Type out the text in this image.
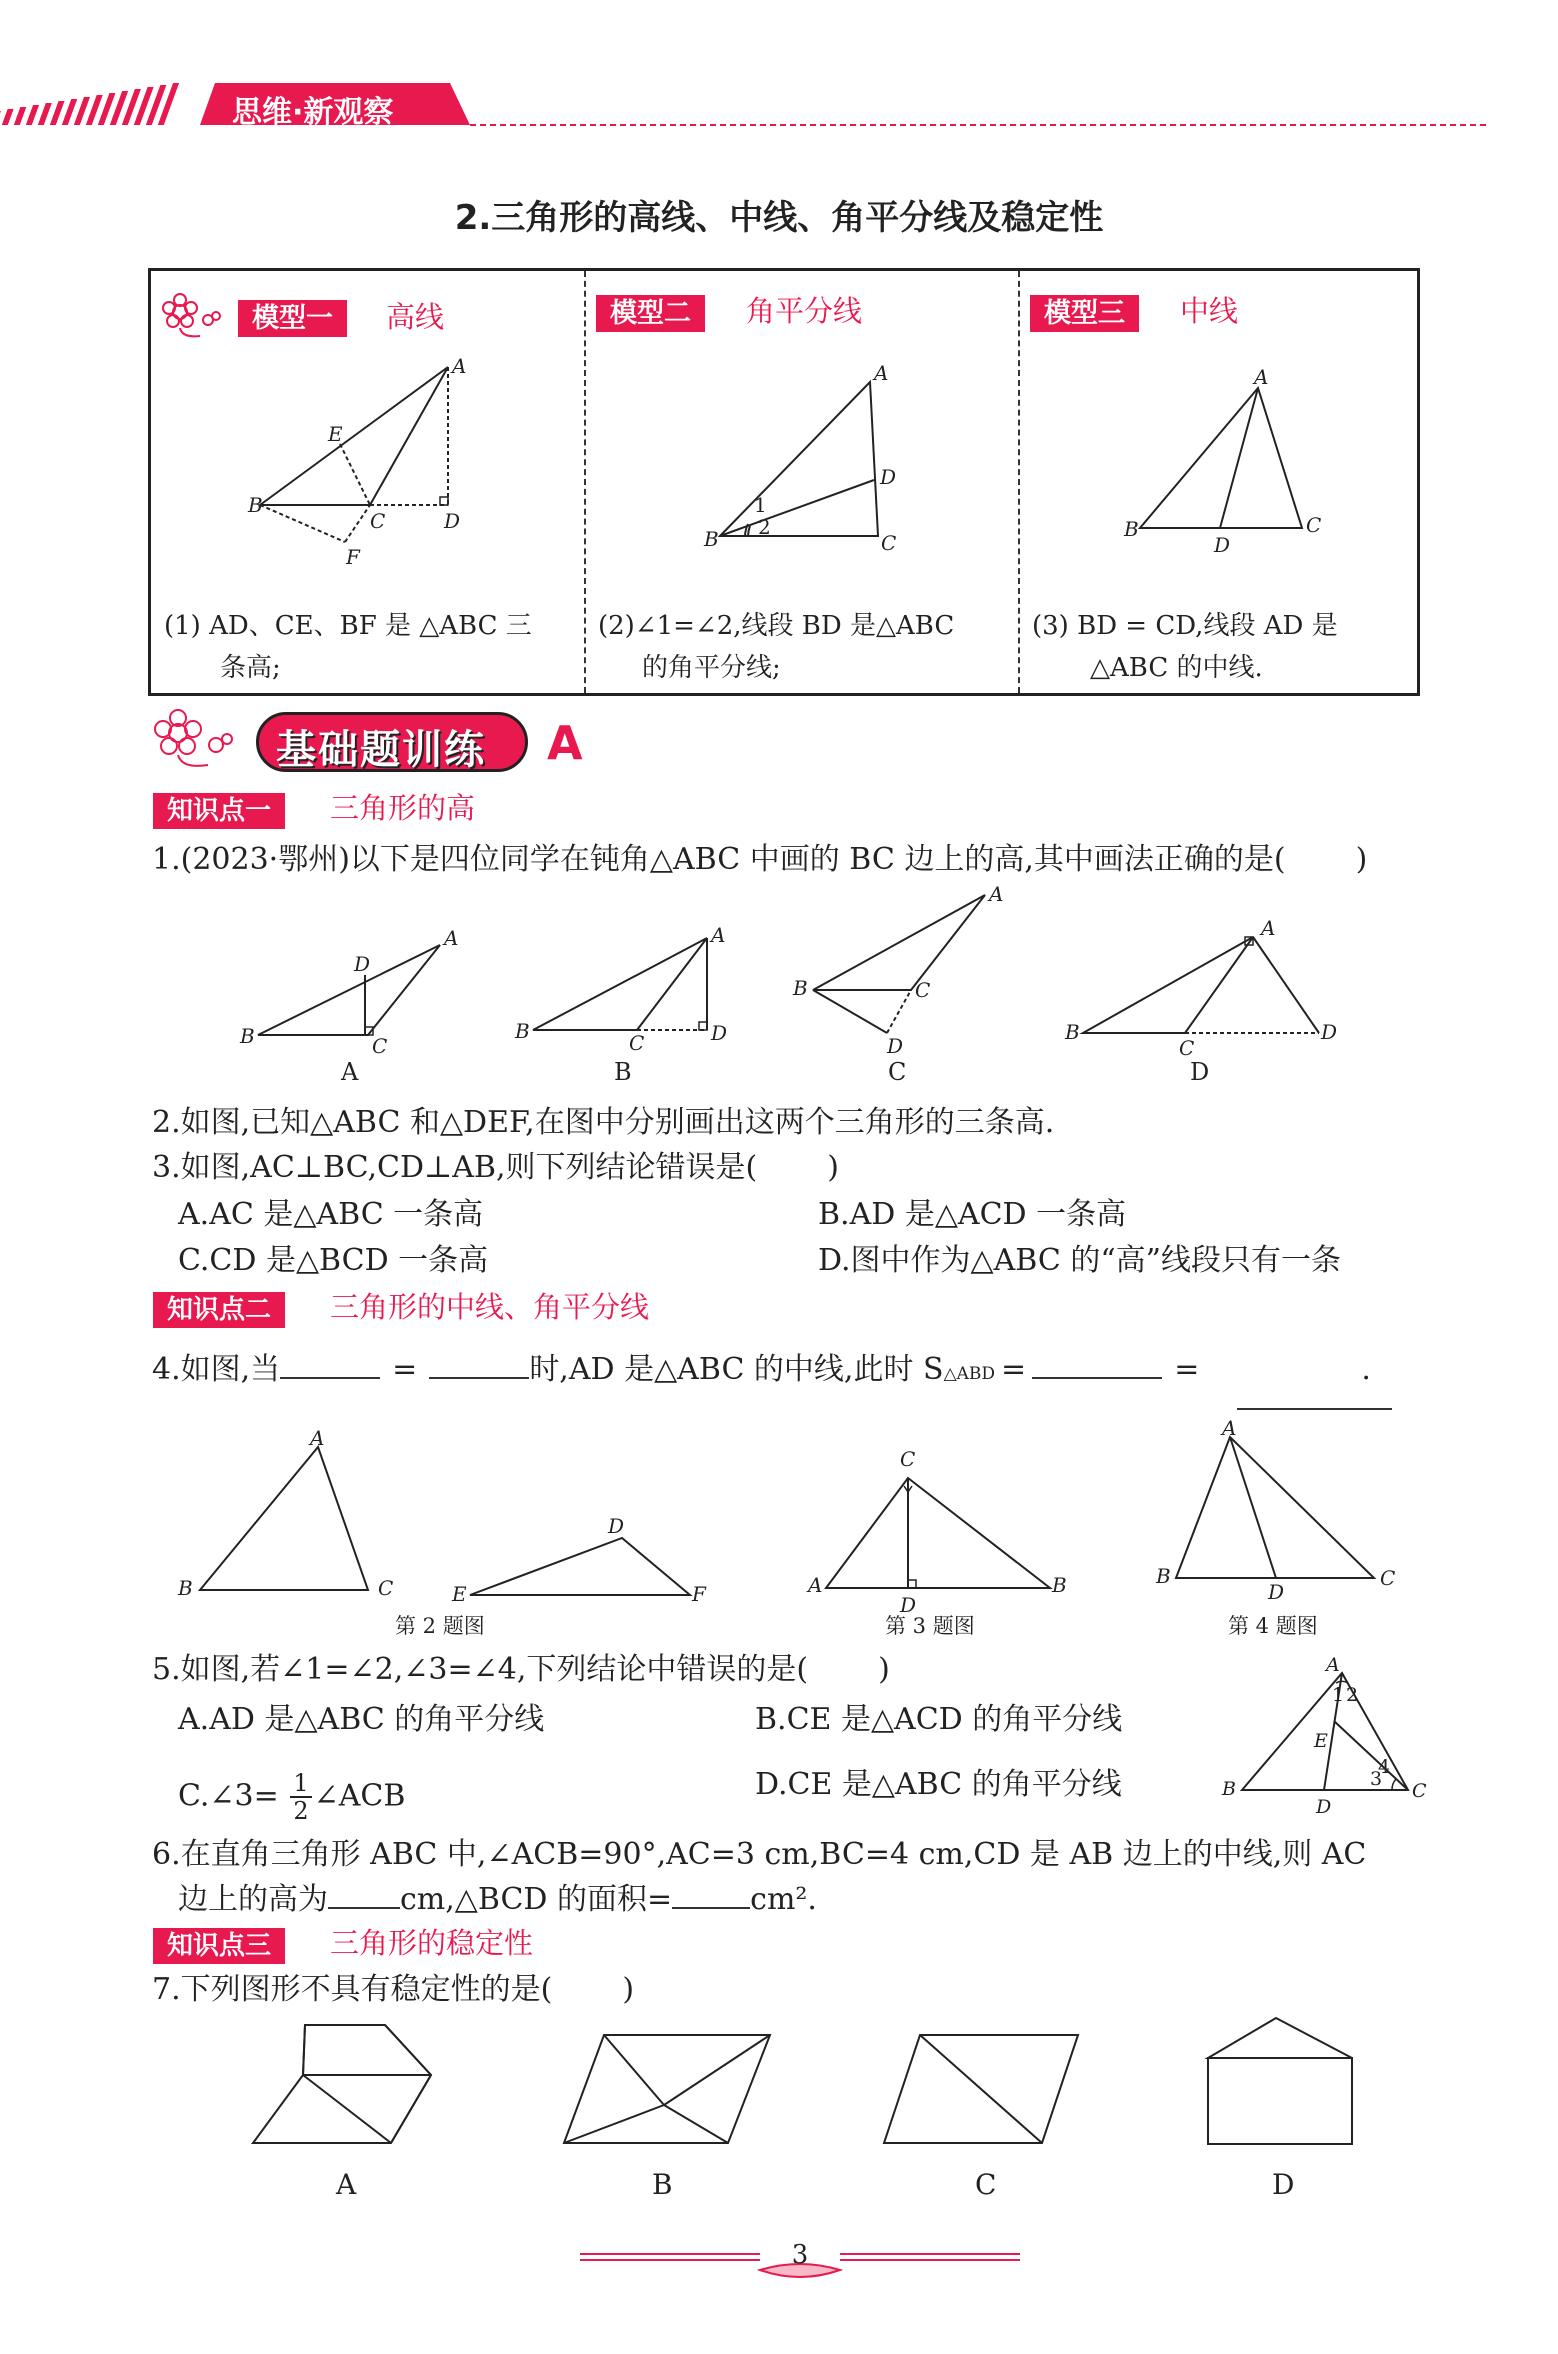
思维·新观察
2.三角形的高线、中线、角平分线及稳定性
模型一	高线	模型二	角平分线	模型三	中线
A
B
C	D
E
F
A
B	C
D
1
2
A
B	C
D
(1) AD、CE、BF 是 △ABC 三
条高;
(2)∠1=∠2,线段 BD 是△ABC
的角平分线;
(3) BD = CD,线段 AD 是
△ABC 的中线.
基础题训练 A
知识点一	三角形的高
1.(2023·鄂州)以下是四位同学在钝角△ABC 中画的 BC 边上的高,其中画法正确的是( )
B
A
C
D
B
A
C	D
B
A
C
D
B
A
C
D
A	B	C	D
2.如图,已知△ABC 和△DEF,在图中分别画出这两个三角形的三条高.
3.如图,AC⊥BC,CD⊥AB,则下列结论错误是( )
A.AC 是△ABC 一条高	B.AD 是△ACD 一条高
C.CD 是△BCD 一条高	D.图中作为△ABC 的“高”线段只有一条
知识点二	三角形的中线、角平分线
4.如图,当	=	时,AD 是△ABC 的中线,此时 S△ABD =	=	.
A
B	C
D
E	F
第 2 题图
C
A	B
D
第 3 题图
A
B	C
D
第 4 题图
5.如图,若∠1=∠2,∠3=∠4,下列结论中错误的是( )
A.AD 是△ABC 的角平分线	B.CE 是△ACD 的角平分线
C.∠3= $\frac{1}{2}$ ∠ACB	D.CE 是△ABC 的角平分线
A
B	C
D
E
1 2
3
4
6.在直角三角形 ABC 中,∠ACB=90°,AC=3 cm,BC=4 cm,CD 是 AB 边上的中线,则 AC
边上的高为 cm,△BCD 的面积=	cm².
知识点三	三角形的稳定性
7.下列图形不具有稳定性的是( )
A	B	C	D
3
